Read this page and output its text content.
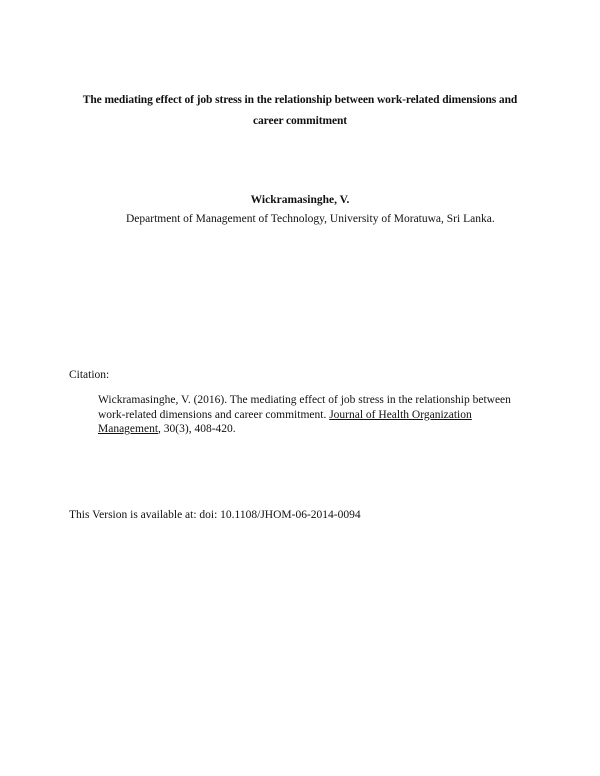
The mediating effect of job stress in the relationship between work-related dimensions and
career commitment
Wickramasinghe, V.
Department of Management of Technology, University of Moratuwa, Sri Lanka.
Citation:
Wickramasinghe, V. (2016). The mediating effect of job stress in the relationship between
work-related dimensions and career commitment. Journal of Health Organization
Management, 30(3), 408-420.
This Version is available at: doi: 10.1108/JHOM-06-2014-0094
